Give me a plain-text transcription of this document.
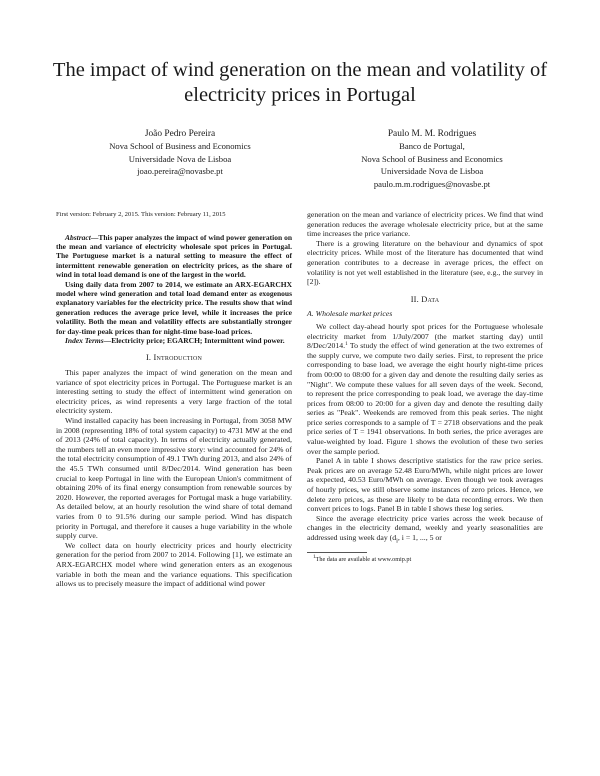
The impact of wind generation on the mean and volatility of electricity prices in Portugal
João Pedro Pereira
Nova School of Business and Economics
Universidade Nova de Lisboa
joao.pereira@novasbe.pt
Paulo M. M. Rodrigues
Banco de Portugal,
Nova School of Business and Economics
Universidade Nova de Lisboa
paulo.m.m.rodrigues@novasbe.pt

First version: February 2, 2015. This version: February 11, 2015

Abstract—This paper analyzes the impact of wind power generation on the mean and variance of electricity wholesale spot prices in Portugal. The Portuguese market is a natural setting to measure the effect of intermittent renewable generation on electricity prices, as the share of wind in total load demand is one of the largest in the world.

Using daily data from 2007 to 2014, we estimate an ARX-EGARCHX model where wind generation and total load demand enter as exogenous explanatory variables for the electricity price. The results show that wind generation reduces the average price level, while it increases the price volatility. Both the mean and volatility effects are substantially stronger for day-time peak prices than for night-time base-load prices.

Index Terms—Electricity price; EGARCH; Intermittent wind power.

I. Introduction

This paper analyzes the impact of wind generation on the mean and variance of spot electricity prices in Portugal. The Portuguese market is an interesting setting to study the effect of intermittent wind generation on electricity prices, as wind represents a very large fraction of the total electricity system.

Wind installed capacity has been increasing in Portugal, from 3058 MW in 2008 (representing 18% of total system capacity) to 4731 MW at the end of 2013 (24% of total capacity). In terms of electricity actually generated, the numbers tell an even more impressive story: wind accounted for 24% of the total electricity consumption of 49.1 TWh during 2013, and also 24% of the 45.5 TWh consumed until 8/Dec/2014. Wind generation has been crucial to keep Portugal in line with the European Union's commitment of obtaining 20% of its final energy consumption from renewable sources by 2020. However, the reported averages for Portugal mask a huge variability. As detailed below, at an hourly resolution the wind share of total demand varies from 0 to 91.5% during our sample period. Wind has dispatch priority in Portugal, and therefore it causes a huge variability in the whole supply curve.

We collect data on hourly electricity prices and hourly electricity generation for the period from 2007 to 2014. Following [1], we estimate an ARX-EGARCHX model where wind generation enters as an exogenous variable in both the mean and the variance equations. This specification allows us to precisely measure the impact of additional wind power

generation on the mean and variance of electricity prices. We find that wind generation reduces the average wholesale electricity price, but at the same time increases the price variance.

There is a growing literature on the behaviour and dynamics of spot electricity prices. While most of the literature has documented that wind generation contributes to a decrease in average prices, the effect on volatility is not yet well established in the literature (see, e.g., the survey in [2]).

II. Data
A. Wholesale market prices

We collect day-ahead hourly spot prices for the Portuguese wholesale electricity market from 1/July/2007 (the market starting day) until 8/Dec/2014.$^1$ To study the effect of wind generation at the two extremes of the supply curve, we compute two daily series. First, to represent the price corresponding to base load, we average the eight hourly night-time prices from 00:00 to 08:00 for a given day and denote the resulting daily series as "Night". We compute these values for all seven days of the week. Second, to represent the price corresponding to peak load, we average the day-time prices from 08:00 to 20:00 for a given day and denote the resulting daily series as "Peak". Weekends are removed from this peak series. The night price series corresponds to a sample of T = 2718 observations and the peak price series of T = 1941 observations. In both series, the price averages are value-weighted by load. Figure 1 shows the evolution of these two series over the sample period.

Panel A in table I shows descriptive statistics for the raw price series. Peak prices are on average 52.48 Euro/MWh, while night prices are lower as expected, 40.53 Euro/MWh on average. Even though we took averages of hourly prices, we still observe some instances of zero prices. Hence, we delete zero prices, as these are likely to be data recording errors. We then convert prices to logs. Panel B in table I shows these log series.

Since the average electricity price varies across the week because of changes in the electricity demand, weekly and yearly seasonalities are addressed using week day ($d_i$, i = 1, ..., 5 or

$^1$The data are available at www.omip.pt
